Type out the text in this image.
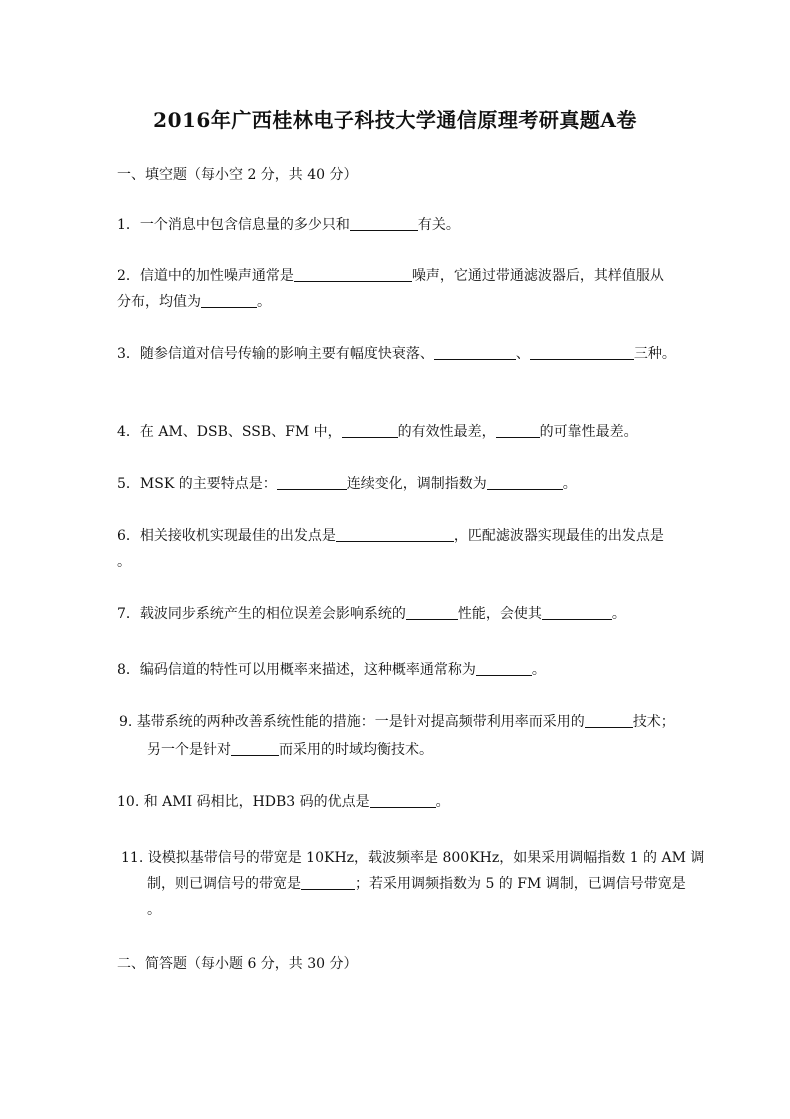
2016年广西桂林电子科技大学通信原理考研真题A卷
一、填空题（每小空 2 分，共 40 分）
1．一个消息中包含信息量的多少只和	有关。
2．信道中的加性噪声通常是	噪声，它通过带通滤波器后，其样值服从
分布，均值为	。
3．随参信道对信号传输的影响主要有幅度快衰落、	、	三种。
4．在 AM、DSB、SSB、FM 中，	的有效性最差，	的可靠性最差。
5．MSK 的主要特点是：	连续变化，调制指数为	。
6．相关接收机实现最佳的出发点是	，匹配滤波器实现最佳的出发点是
。
7．载波同步系统产生的相位误差会影响系统的	性能，会使其	。
8．编码信道的特性可以用概率来描述，这种概率通常称为	。
9. 基带系统的两种改善系统性能的措施：一是针对提高频带利用率而采用的	技术；
另一个是针对	而采用的时域均衡技术。
10. 和 AMI 码相比，HDB3 码的优点是	。
11. 设模拟基带信号的带宽是 10KHz，载波频率是 800KHz，如果采用调幅指数 1 的 AM 调
制，则已调信号的带宽是	；若采用调频指数为 5 的 FM 调制，已调信号带宽是
。
二、简答题（每小题 6 分，共 30 分）
